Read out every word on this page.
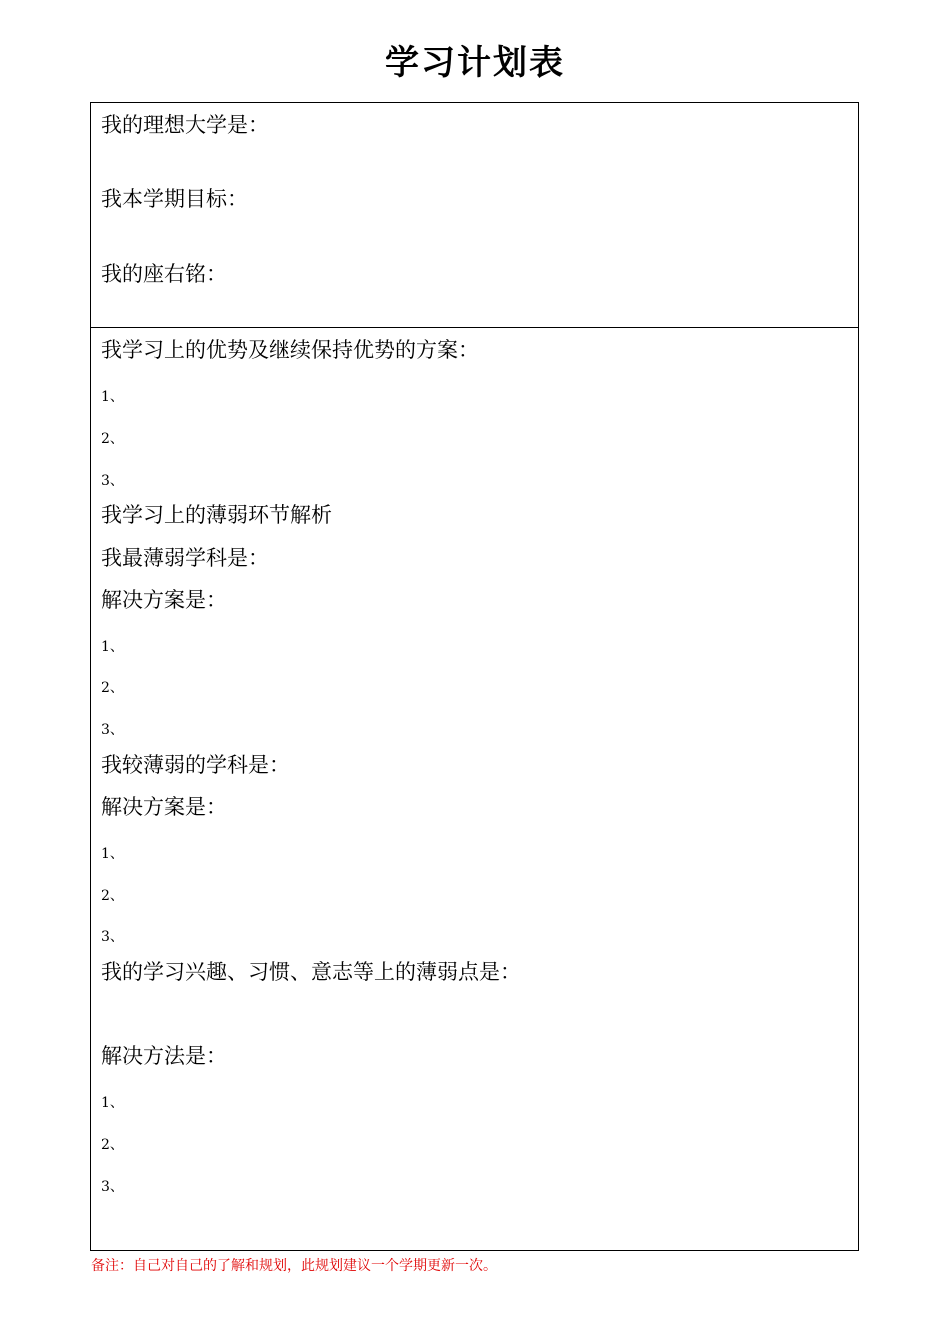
学习计划表
我的理想大学是：
我本学期目标：
我的座右铭：
我学习上的优势及继续保持优势的方案：
1、
2、
3、
我学习上的薄弱环节解析
我最薄弱学科是：
解决方案是：
1、
2、
3、
我较薄弱的学科是：
解决方案是：
1、
2、
3、
我的学习兴趣、习惯、意志等上的薄弱点是：
解决方法是：
1、
2、
3、
备注：自己对自己的了解和规划，此规划建议一个学期更新一次。
